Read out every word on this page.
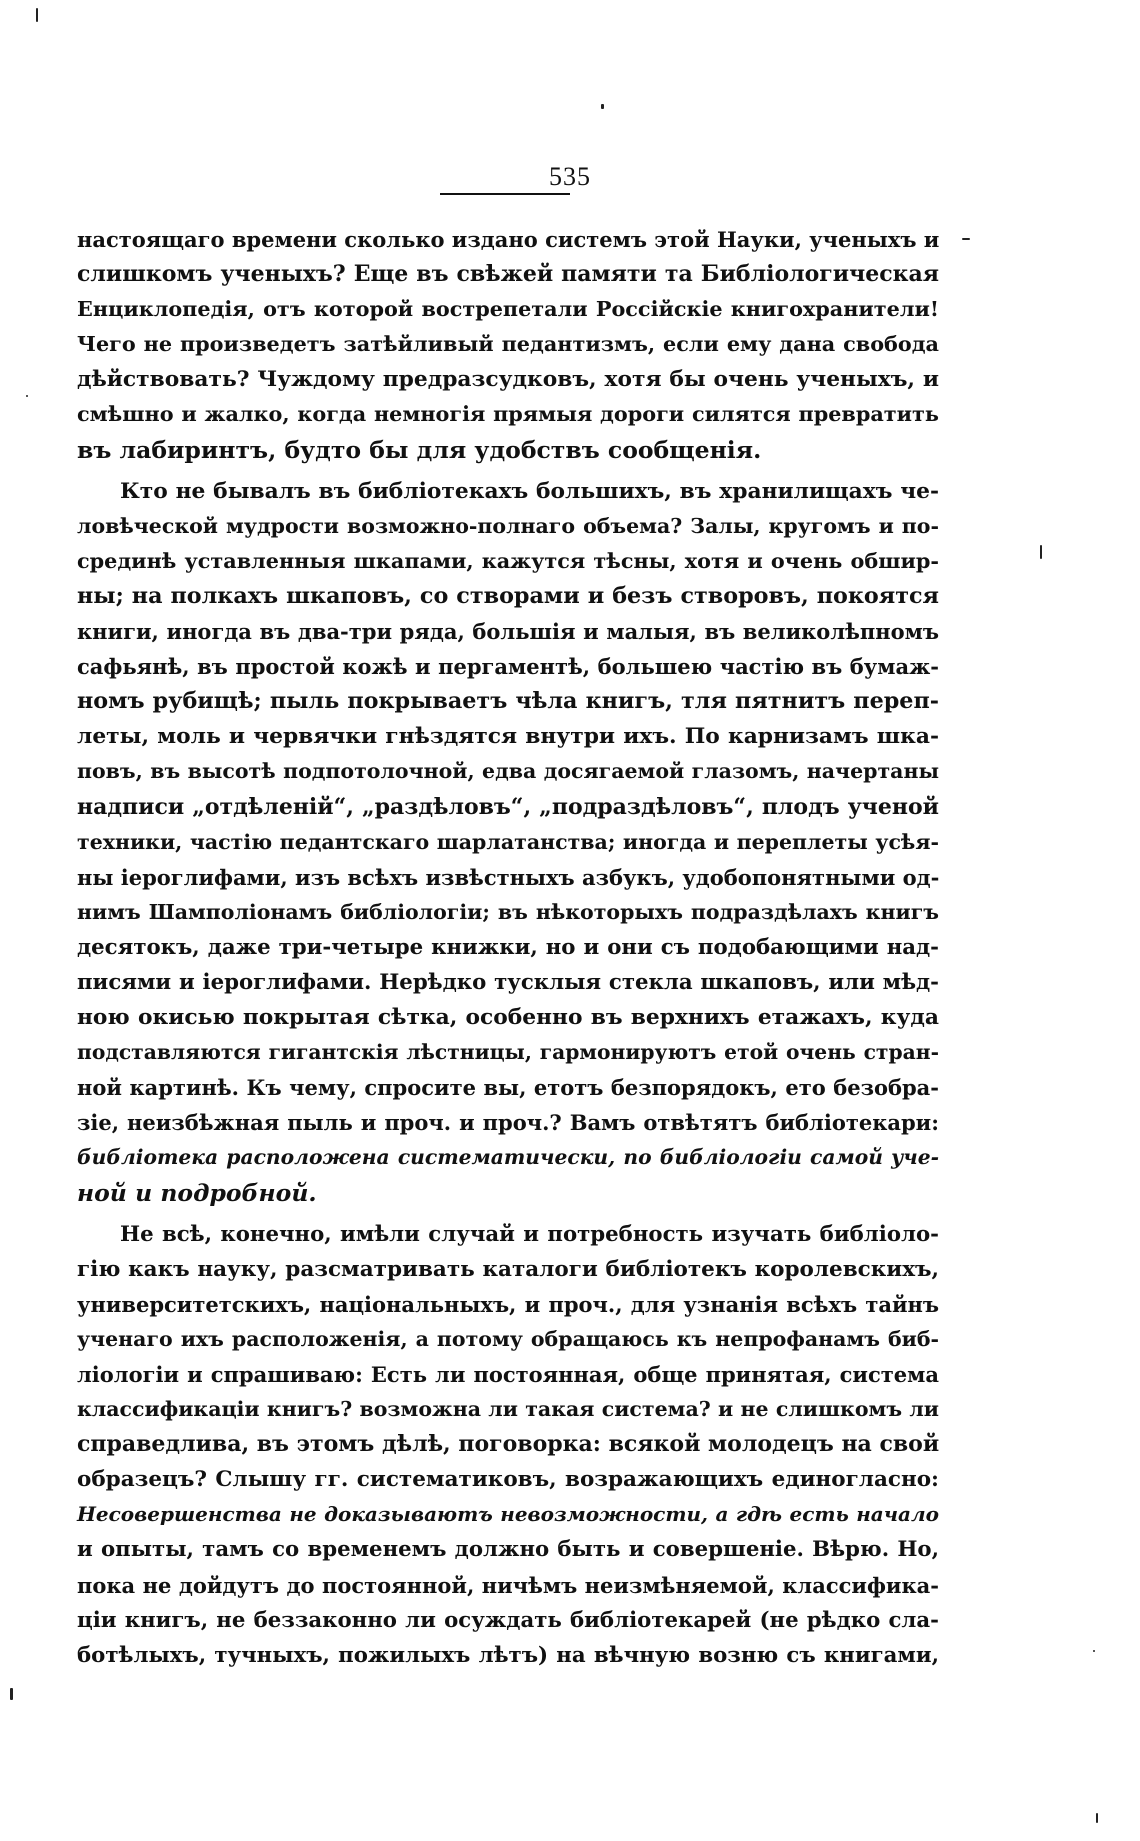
535
настоящаго времени сколько издано системъ этой Науки, ученыхъ и
слишкомъ ученыхъ? Еще въ свѣжей памяти та Библіологическая
Енциклопедія, отъ которой вострепетали Россійскіе книгохранители!
Чего не произведетъ затѣйливый педантизмъ, если ему дана свобода
дѣйствовать? Чуждому предразсудковъ, хотя бы очень ученыхъ, и
смѣшно и жалко, когда немногія прямыя дороги силятся превратить
въ лабиринтъ, будто бы для удобствъ сообщенія.
Кто не бывалъ въ библіотекахъ большихъ, въ хранилищахъ че-
ловѣческой мудрости возможно-полнаго объема? Залы, кругомъ и по-
срединѣ уставленныя шкапами, кажутся тѣсны, хотя и очень обшир-
ны; на полкахъ шкаповъ, со створами и безъ створовъ, покоятся
книги, иногда въ два-три ряда, большія и малыя, въ великолѣпномъ
сафьянѣ, въ простой кожѣ и пергаментѣ, большею частію въ бумаж-
номъ рубищѣ; пыль покрываетъ чѣла книгъ, тля пятнитъ переп-
леты, моль и червячки гнѣздятся внутри ихъ. По карнизамъ шка-
повъ, въ высотѣ подпотолочной, едва досягаемой глазомъ, начертаны
надписи „отдѣленій“, „раздѣловъ“, „подраздѣловъ“, плодъ ученой
техники, частію педантскаго шарлатанства; иногда и переплеты усѣя-
ны іероглифами, изъ всѣхъ извѣстныхъ азбукъ, удобопонятными од-
нимъ Шамполіонамъ библіологіи; въ нѣкоторыхъ подраздѣлахъ книгъ
десятокъ, даже три-четыре книжки, но и они съ подобающими над-
писями и іероглифами. Нерѣдко тусклыя стекла шкаповъ, или мѣд-
ною окисью покрытая сѣтка, особенно въ верхнихъ етажахъ, куда
подставляются гигантскія лѣстницы, гармонируютъ етой очень стран-
ной картинѣ. Къ чему, спросите вы, етотъ безпорядокъ, ето безобра-
зіе, неизбѣжная пыль и проч. и проч.? Вамъ отвѣтятъ библіотекари:
библіотека расположена систематически, по библіологіи самой уче-
ной и подробной.
Не всѣ, конечно, имѣли случай и потребность изучать библіоло-
гію какъ науку, разсматривать каталоги библіотекъ королевскихъ,
университетскихъ, національныхъ, и проч., для узнанія всѣхъ тайнъ
ученаго ихъ расположенія, а потому обращаюсь къ непрофанамъ биб-
ліологіи и спрашиваю: Есть ли постоянная, обще принятая, система
классификаціи книгъ? возможна ли такая система? и не слишкомъ ли
справедлива, въ этомъ дѣлѣ, поговорка: всякой молодецъ на свой
образецъ? Слышу гг. систематиковъ, возражающихъ единогласно:
Несовершенства не доказываютъ невозможности, а гдѣ есть начало
и опыты, тамъ со временемъ должно быть и совершеніе. Вѣрю. Но,
пока не дойдутъ до постоянной, ничѣмъ неизмѣняемой, классифика-
ціи книгъ, не беззаконно ли осуждать библіотекарей (не рѣдко сла-
ботѣлыхъ, тучныхъ, пожилыхъ лѣтъ) на вѣчную возню съ книгами,
